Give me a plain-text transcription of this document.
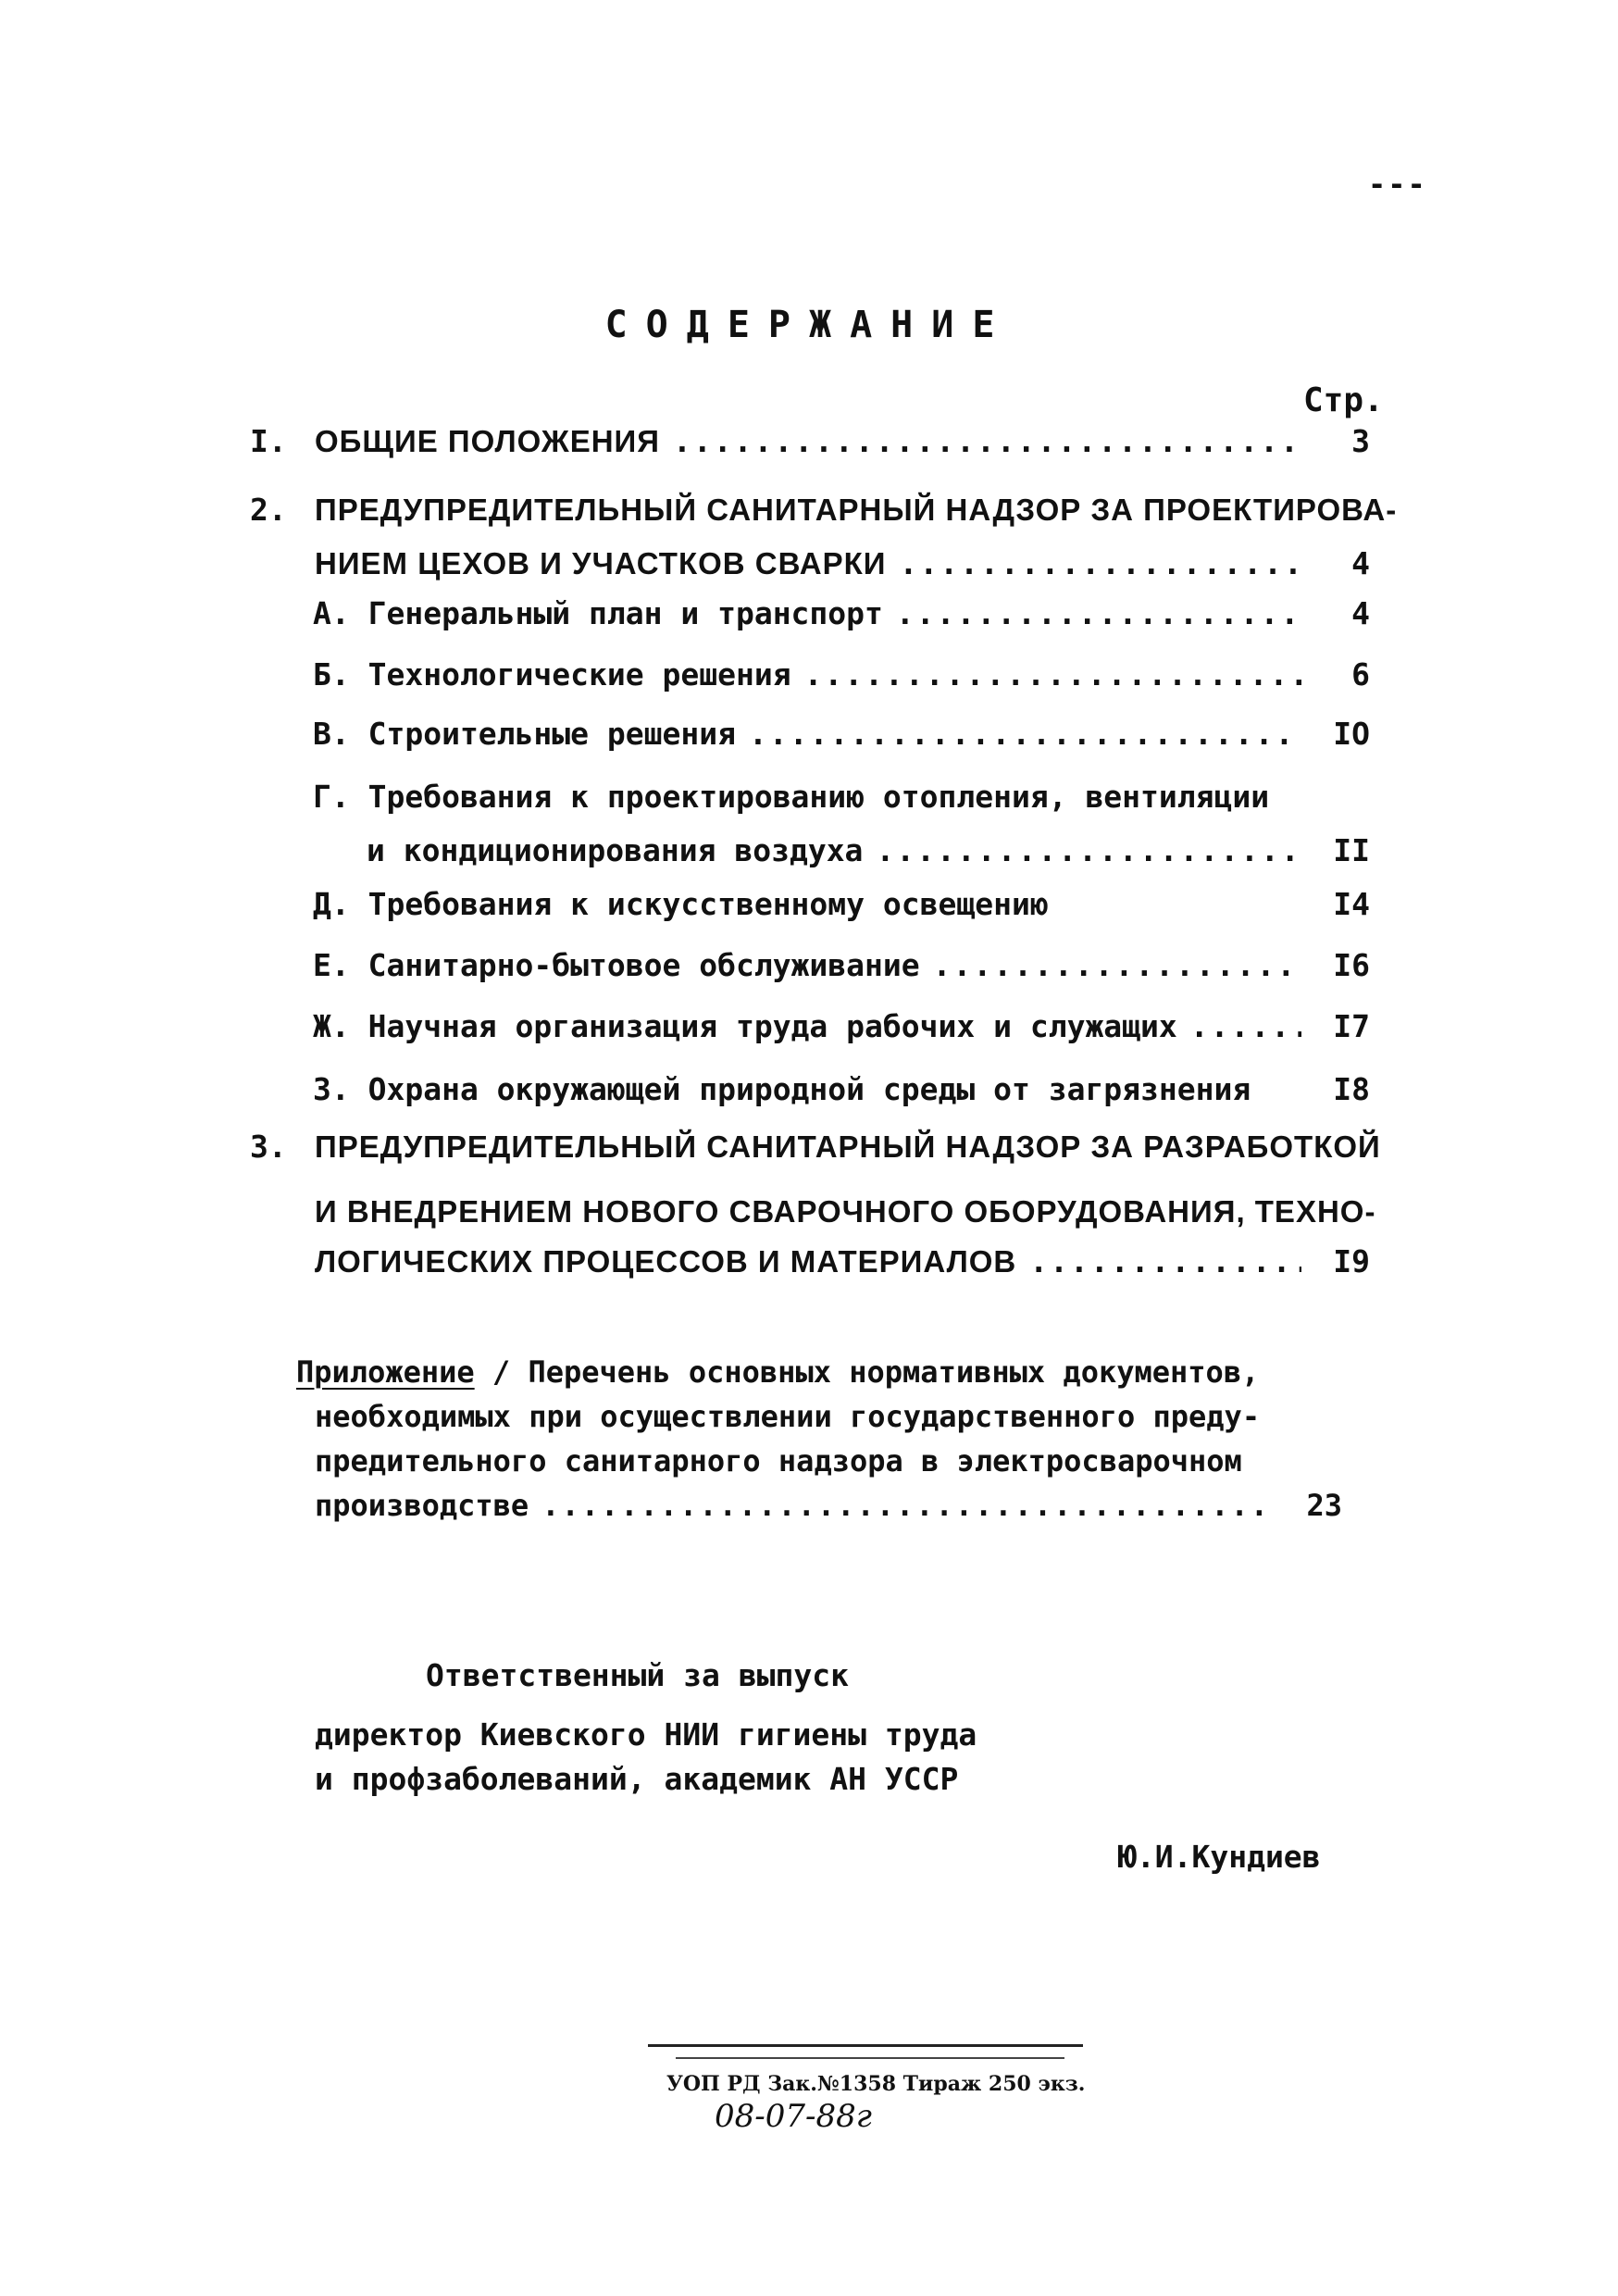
---
СОДЕРЖАНИЕ
Стр.
I. ОБЩИЕ ПОЛОЖЕНИЯ .....	3
2. ПРЕДУПРЕДИТЕЛЬНЫЙ САНИТАРНЫЙ НАДЗОР ЗА ПРОЕКТИРОВА-
НИЕМ ЦЕХОВ И УЧАСТКОВ СВАРКИ .....	4
А. Генеральный план и транспорт .....	4
Б. Технологические решения .....	6
В. Строительные решения .....	IO
Г. Требования к проектированию отопления, вентиляции
и кондиционирования воздуха .....	II
Д. Требования к искусственному освещению	I4
Е. Санитарно-бытовое обслуживание .....	I6
Ж. Научная организация труда рабочих и служащих .....	I7
З. Охрана окружающей природной среды от загрязнения	I8
3. ПРЕДУПРЕДИТЕЛЬНЫЙ САНИТАРНЫЙ НАДЗОР ЗА РАЗРАБОТКОЙ
И ВНЕДРЕНИЕМ НОВОГО СВАРОЧНОГО ОБОРУДОВАНИЯ, ТЕХНО-
ЛОГИЧЕСКИХ ПРОЦЕССОВ И МАТЕРИАЛОВ .....	I9
Приложение / Перечень основных нормативных документов,
необходимых при осуществлении государственного преду-
предительного санитарного надзора в электросварочном
производстве .....	23
Ответственный за выпуск
директор Киевского НИИ гигиены труда
и профзаболеваний, академик АН УССР
Ю.И.Кундиев
УОП РД Зак.№1358 Тираж 250 экз.
08-07-88г
